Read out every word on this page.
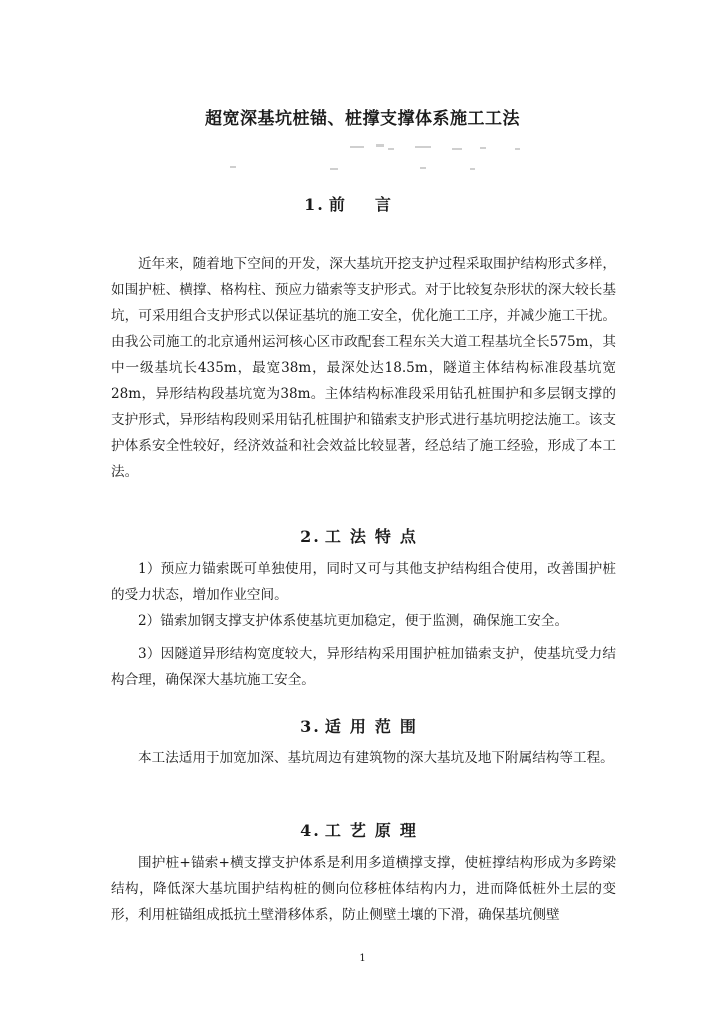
超宽深基坑桩锚、桩撑支撑体系施工工法
1. 前言

近年来，随着地下空间的开发，深大基坑开挖支护过程采取围护结构形式多样，如围护桩、横撑、格构柱、预应力锚索等支护形式。对于比较复杂形状的深大较长基坑，可采用组合支护形式以保证基坑的施工安全，优化施工工序，并减少施工干扰。由我公司施工的北京通州运河核心区市政配套工程东关大道工程基坑全长575m，其中一级基坑长435m，最宽38m，最深处达18.5m，隧道主体结构标准段基坑宽28m，异形结构段基坑宽为38m。主体结构标准段采用钻孔桩围护和多层钢支撑的支护形式，异形结构段则采用钻孔桩围护和锚索支护形式进行基坑明挖法施工。该支护体系安全性较好，经济效益和社会效益比较显著，经总结了施工经验，形成了本工法。

2. 工法特点

1）预应力锚索既可单独使用，同时又可与其他支护结构组合使用，改善围护桩的受力状态，增加作业空间。

2）锚索加钢支撑支护体系使基坑更加稳定，便于监测，确保施工安全。

3）因隧道异形结构宽度较大，异形结构采用围护桩加锚索支护，使基坑受力结构合理，确保深大基坑施工安全。

3. 适用范围

本工法适用于加宽加深、基坑周边有建筑物的深大基坑及地下附属结构等工程。

4. 工艺原理

围护桩+锚索+横支撑支护体系是利用多道横撑支撑，使桩撑结构形成为多跨梁结构，降低深大基坑围护结构桩的侧向位移桩体结构内力，进而降低桩外土层的变形，利用桩锚组成抵抗土壁滑移体系，防止侧壁土壤的下滑，确保基坑侧壁

1
